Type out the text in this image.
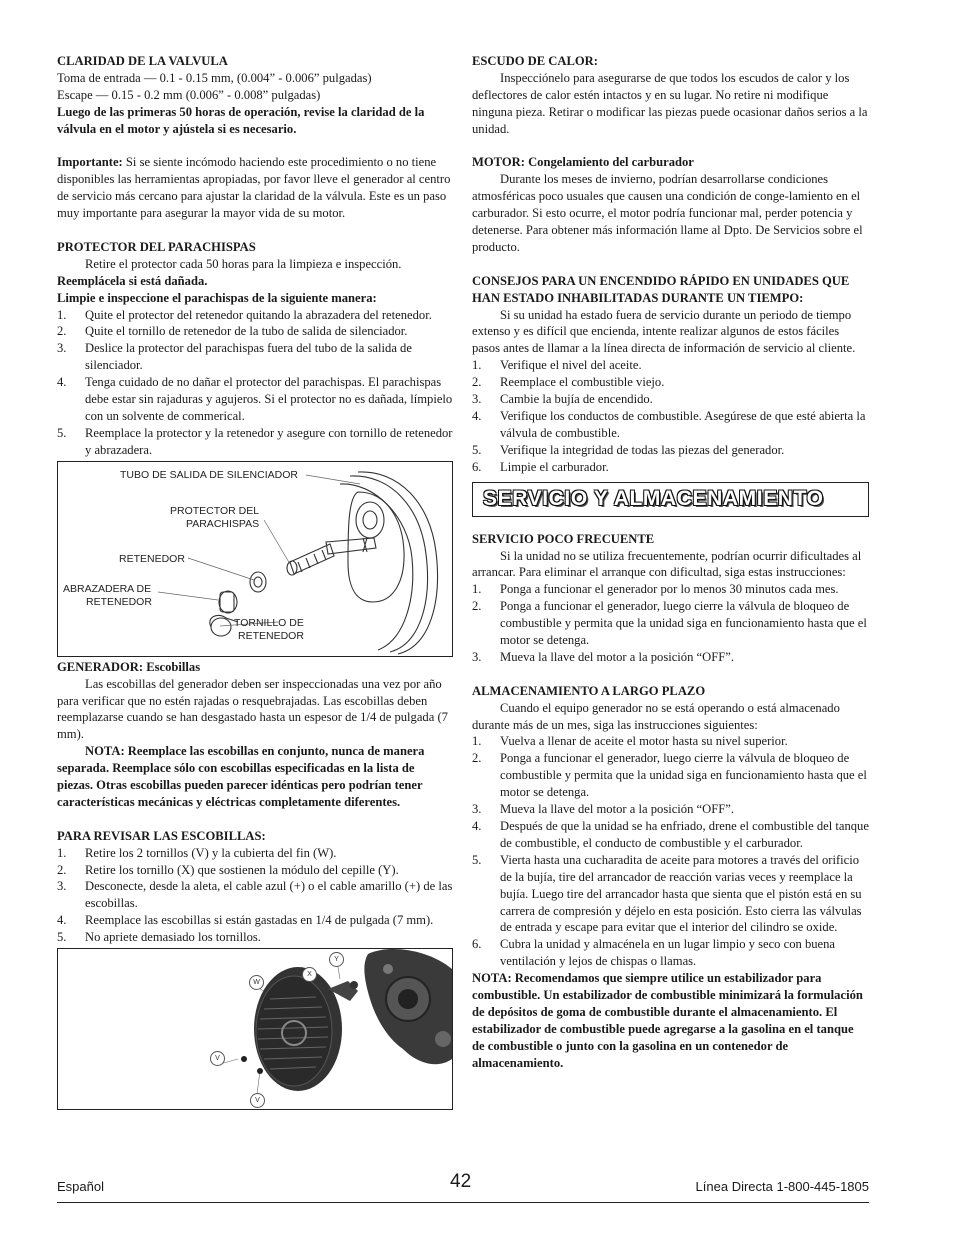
CLARIDAD DE LA VALVULA

Toma de entrada — 0.1 - 0.15 mm, (0.004” - 0.006” pulgadas)

Escape — 0.15 - 0.2 mm (0.006” - 0.008” pulgadas)

Luego de las primeras 50 horas de operación, revise la claridad de la válvula en el motor y ajústela si es necesario.

Importante: Si se siente incómodo haciendo este procedimiento o no tiene disponibles las herramientas apropiadas, por favor lleve el generador al centro de servicio más cercano para ajustar la claridad de la válvula. Este es un paso muy importante para asegurar la mayor vida de su motor.

PROTECTOR DEL PARACHISPAS

Retire el protector cada 50 horas para la limpieza e inspección.

Reemplácela si está dañada.

Limpie e inspeccione el parachispas de la siguiente manera:

1. Quite el protector del retenedor quitando la abrazadera del retenedor.
2. Quite el tornillo de retenedor de la tubo de salida de silenciador.
3. Deslice la protector del parachispas fuera del tubo de la salida de silenciador.
4. Tenga cuidado de no dañar el protector del parachispas. El parachispas debe estar sin rajaduras y agujeros. Si el protector no es dañada, límpielo con un solvente de commerical.
5. Reemplace la protector y la retenedor y asegure con tornillo de retenedor y abrazadera.
TUBO DE SALIDA DE SILENCIADOR
PROTECTOR DEL
PARACHISPAS
RETENEDOR
ABRAZADERA DE
RETENEDOR
TORNILLO DE
RETENEDOR

GENERADOR: Escobillas

Las escobillas del generador deben ser inspeccionadas una vez por año para verificar que no estén rajadas o resquebrajadas. Las escobillas deben reemplazarse cuando se han desgastado hasta un espesor de 1/4 de pulgada (7 mm).

NOTA: Reemplace las escobillas en conjunto, nunca de manera separada. Reemplace sólo con escobillas especificadas en la lista de piezas. Otras escobillas pueden parecer idénticas pero podrían tener características mecánicas y eléctricas completamente diferentes.

PARA REVISAR LAS ESCOBILLAS:

1. Retire los 2 tornillos (V) y la cubierta del fin (W).
2. Retire los tornillo (X) que sostienen la módulo del cepille (Y).
3. Desconecte, desde la aleta, el cable azul (+) o el cable amarillo (+) de las escobillas.
4. Reemplace las escobillas si están gastadas en 1/4 de pulgada (7 mm).
5. No apriete demasiado los tornillos.
W
X
Y
V
V

ESCUDO DE CALOR:

Inspecciónelo para asegurarse de que todos los escudos de calor y los deflectores de calor estén intactos y en su lugar. No retire ni modifique ninguna pieza. Retirar o modificar las piezas puede ocasionar daños serios a la unidad.

MOTOR: Congelamiento del carburador

Durante los meses de invierno, podrían desarrollarse condiciones atmosféricas poco usuales que causen una condición de conge-lamiento en el carburador. Si esto ocurre, el motor podría funcionar mal, perder potencia y detenerse. Para obtener más información llame al Dpto. De Servicios sobre el producto.

CONSEJOS PARA UN ENCENDIDO RÁPIDO EN UNIDADES QUE HAN ESTADO INHABILITADAS DURANTE UN TIEMPO:

Si su unidad ha estado fuera de servicio durante un periodo de tiempo extenso y es difícil que encienda, intente realizar algunos de estos fáciles pasos antes de llamar a la línea directa de información de servicio al cliente.

1. Verifique el nivel del aceite.
2. Reemplace el combustible viejo.
3. Cambie la bujía de encendido.
4. Verifique los conductos de combustible. Asegúrese de que esté abierta la válvula de combustible.
5. Verifique la integridad de todas las piezas del generador.
6. Limpie el carburador.
SERVICIO Y ALMACENAMIENTO

SERVICIO POCO FRECUENTE

Si la unidad no se utiliza frecuentemente, podrían ocurrir dificultades al arrancar. Para eliminar el arranque con dificultad, siga estas instrucciones:

1. Ponga a funcionar el generador por lo menos 30 minutos cada mes.
2. Ponga a funcionar el generador, luego cierre la válvula de bloqueo de combustible y permita que la unidad siga en funcionamiento hasta que el motor se detenga.
3. Mueva la llave del motor a la posición “OFF”.

ALMACENAMIENTO A LARGO PLAZO

Cuando el equipo generador no se está operando o está almacenado durante más de un mes, siga las instrucciones siguientes:

1. Vuelva a llenar de aceite el motor hasta su nivel superior.
2. Ponga a funcionar el generador, luego cierre la válvula de bloqueo de combustible y permita que la unidad siga en funcionamiento hasta que el motor se detenga.
3. Mueva la llave del motor a la posición “OFF”.
4. Después de que la unidad se ha enfriado, drene el combustible del tanque de combustible, el conducto de combustible y el carburador.
5. Vierta hasta una cucharadita de aceite para motores a través del orificio de la bujía, tire del arrancador de reacción varias veces y reemplace la bujía. Luego tire del arrancador hasta que sienta que el pistón está en su carrera de compresión y déjelo en esta posición. Esto cierra las válvulas de entrada y escape para evitar que el interior del cilindro se oxide.
6. Cubra la unidad y almacénela en un lugar limpio y seco con buena ventilación y lejos de chispas o llamas.

NOTA: Recomendamos que siempre utilice un estabilizador para combustible. Un estabilizador de combustible minimizará la formulación de depósitos de goma de combustible durante el almacenamiento. El estabilizador de combustible puede agregarse a la gasolina en el tanque de combustible o junto con la gasolina en un contenedor de almacenamiento.

Español	42	Línea Directa 1-800-445-1805
